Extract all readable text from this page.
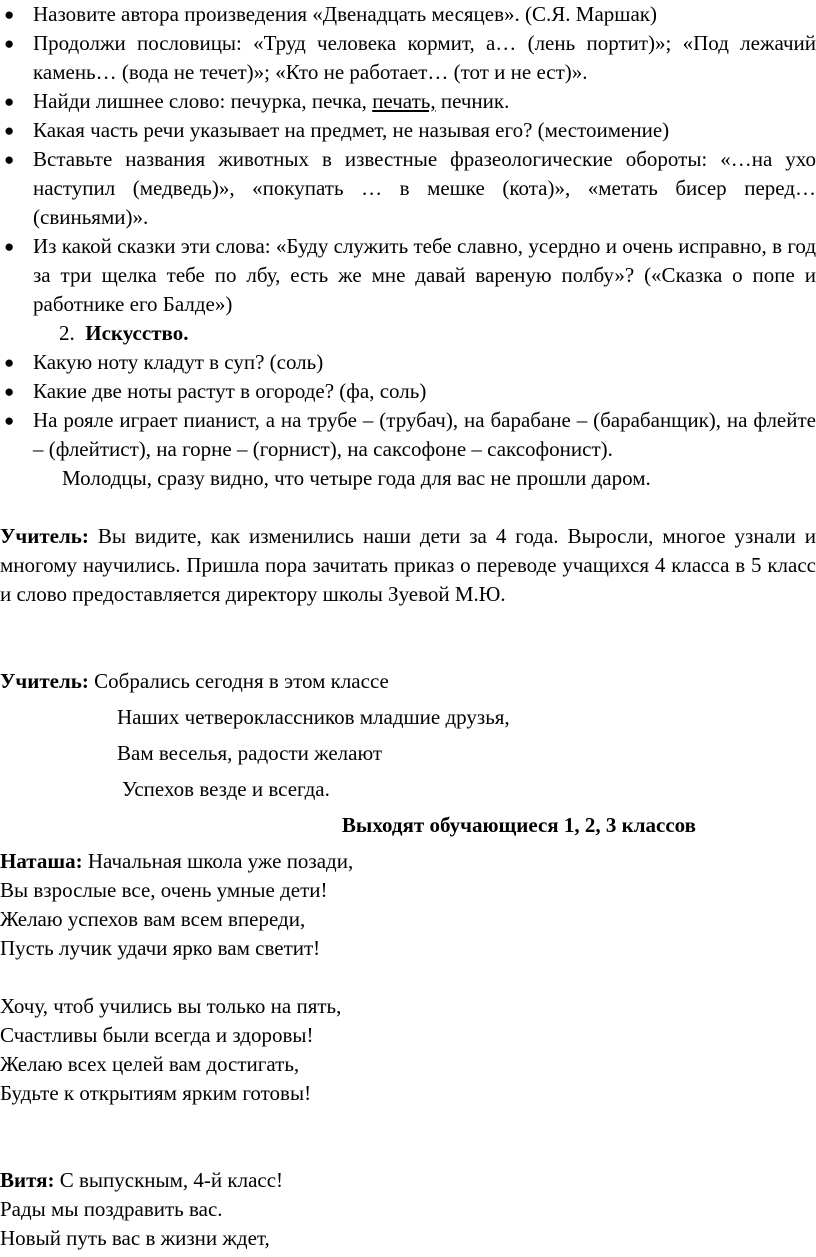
● Назовите автора произведения «Двенадцать месяцев». (С.Я. Маршак)
● Продолжи пословицы: «Труд человека кормит, а… (лень портит)»; «Под лежачий камень… (вода не течет)»; «Кто не работает… (тот и не ест)».
● Найди лишнее слово: печурка, печка, печать, печник.
● Какая часть речи указывает на предмет, не называя его? (местоимение)
● Вставьте названия животных в известные фразеологические обороты: «…на ухо наступил (медведь)», «покупать … в мешке (кота)», «метать бисер перед… (свиньями)».
● Из какой сказки эти слова: «Буду служить тебе славно, усердно и очень исправно, в год за три щелка тебе по лбу, есть же мне давай вареную полбу»? («Сказка о попе и работнике его Балде»)
2. Искусство.
● Какую ноту кладут в суп? (соль)
● Какие две ноты растут в огороде? (фа, соль)
● На рояле играет пианист, а на трубе – (трубач), на барабане – (барабанщик), на флейте – (флейтист), на горне – (горнист), на саксофоне – саксофонист).
Молодцы, сразу видно, что четыре года для вас не прошли даром.
Учитель: Вы видите, как изменились наши дети за 4 года. Выросли, многое узнали и многому научились. Пришла пора зачитать приказ о переводе учащихся 4 класса в 5 класс и слово предоставляется директору школы Зуевой М.Ю.
Учитель: Собрались сегодня в этом классе
Наших четвероклассников младшие друзья,
Вам веселья, радости желают
Успехов везде и всегда.
Выходят обучающиеся 1, 2, 3 классов
Наташа: Начальная школа уже позади,
Вы взрослые все, очень умные дети!
Желаю успехов вам всем впереди,
Пусть лучик удачи ярко вам светит!
Хочу, чтоб учились вы только на пять,
Счастливы были всегда и здоровы!
Желаю всех целей вам достигать,
Будьте к открытиям ярким готовы!
Витя: С выпускным, 4-й класс!
Рады мы поздравить вас.
Новый путь вас в жизни ждет,
